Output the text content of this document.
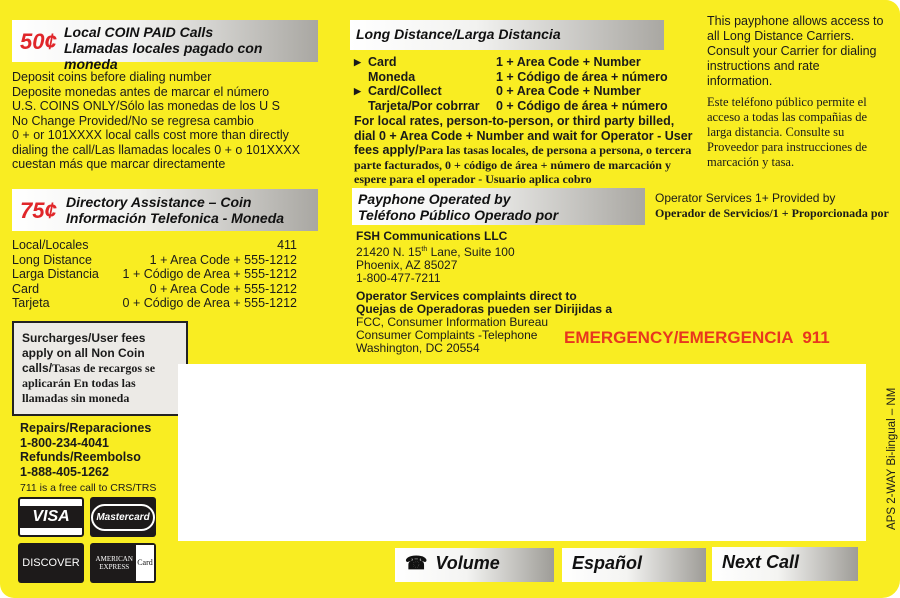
50¢ Local COIN PAID Calls
Llamadas locales pagado con moneda
Deposit coins before dialing number
Deposite monedas antes de marcar el número
U.S. COINS ONLY/Sólo las monedas de los U S
No Change Provided/No se regresa cambio
0 + or 101XXXX local calls cost more than directly
dialing the call/Las llamadas locales 0 + o 101XXXX
cuestan más que marcar directamente
75¢ Directory Assistance – Coin
Información Telefonica - Moneda
Local/Locales	411
Long Distance	1 + Area Code + 555-1212
Larga Distancia 1 + Código de Area + 555-1212
Card	0 + Area Code + 555-1212
Tarjeta	0 + Código de Area + 555-1212
Surcharges/User fees apply on all Non Coin calls/Tasas de recargos se aplicarán En todas las llamadas sin moneda
Repairs/Reparaciones
1-800-234-4041
Refunds/Reembolso
1-888-405-1262
711 is a free call to CRS/TRS
VISA	Mastercard
DISCOVER	AMERICAN EXPRESS	Card
Long Distance/Larga Distancia
▶ Card	1 + Area Code + Number
Moneda	1 + Código de área + número
▶ Card/Collect	0 + Area Code + Number
Tarjeta/Por cobrrar	0 + Código de área + número
For local rates, person-to-person, or third party billed, dial 0 + Area Code + Number and wait for Operator - User fees apply/Para las tasas locales, de persona a persona, o tercera parte facturados, 0 + código de área + número de marcación y espere para el operador - Usuario aplica cobro
This payphone allows access to all Long Distance Carriers. Consult your Carrier for dialing instructions and rate information.
Este teléfono público permite el acceso a todas las compañias de larga distancia. Consulte su Proveedor para instrucciones de marcación y tasa.
Payphone Operated by
Teléfono Público Operado por
Operator Services 1+ Provided by
Operador de Servicios/1 + Proporcionada por
FSH Communications LLC
21420 N. 15th Lane, Suite 100
Phoenix, AZ 85027
1-800-477-7211
Operator Services complaints direct to
Quejas de Operadoras pueden ser Dirijidas a
FCC, Consumer Information Bureau
Consumer Complaints -Telephone
Washington, DC 20554
EMERGENCY/EMERGENCIA  911
APS 2-WAY Bi-lingual – NM
☎ Volume	Español	Next Call
